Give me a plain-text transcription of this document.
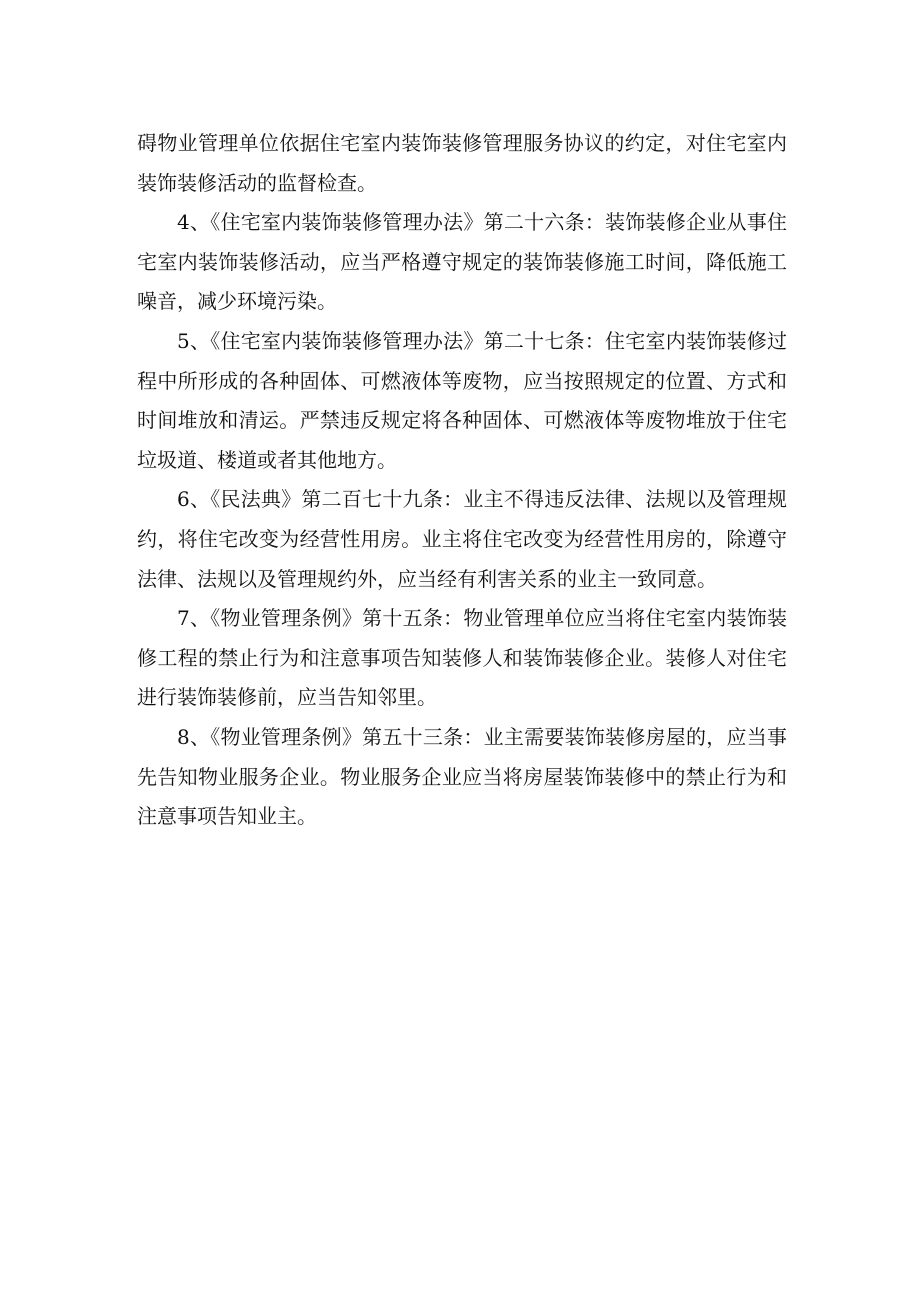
碍物业管理单位依据住宅室内装饰装修管理服务协议的约定，对住宅室内装饰装修活动的监督检查。

4、《住宅室内装饰装修管理办法》第二十六条：装饰装修企业从事住宅室内装饰装修活动，应当严格遵守规定的装饰装修施工时间，降低施工噪音，减少环境污染。

5、《住宅室内装饰装修管理办法》第二十七条：住宅室内装饰装修过程中所形成的各种固体、可燃液体等废物，应当按照规定的位置、方式和时间堆放和清运。严禁违反规定将各种固体、可燃液体等废物堆放于住宅垃圾道、楼道或者其他地方。

6、《民法典》第二百七十九条：业主不得违反法律、法规以及管理规约，将住宅改变为经营性用房。业主将住宅改变为经营性用房的，除遵守法律、法规以及管理规约外，应当经有利害关系的业主一致同意。

7、《物业管理条例》第十五条：物业管理单位应当将住宅室内装饰装修工程的禁止行为和注意事项告知装修人和装饰装修企业。装修人对住宅进行装饰装修前，应当告知邻里。

8、《物业管理条例》第五十三条：业主需要装饰装修房屋的，应当事先告知物业服务企业。物业服务企业应当将房屋装饰装修中的禁止行为和注意事项告知业主。
